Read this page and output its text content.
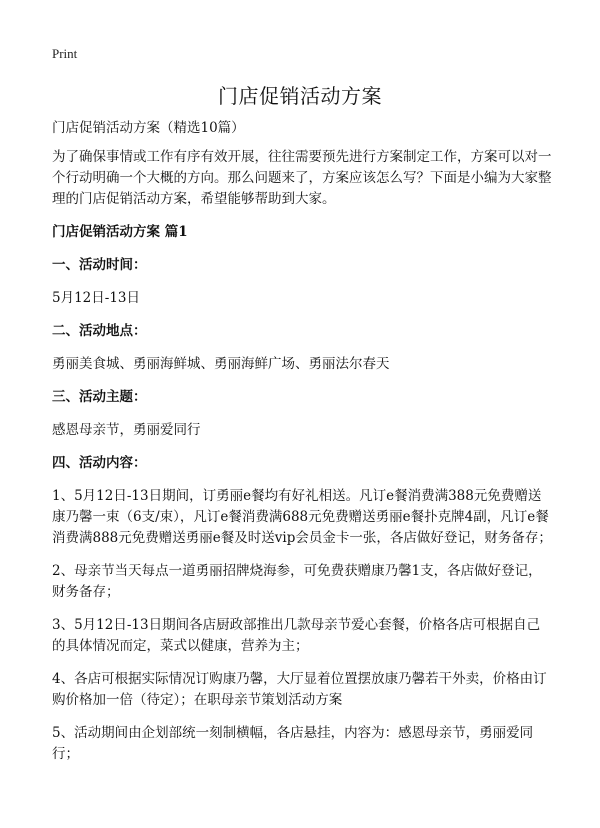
Print
门店促销活动方案

门店促销活动方案（精选10篇）

为了确保事情或工作有序有效开展，往往需要预先进行方案制定工作，方案可以对一个行动明确一个大概的方向。那么问题来了，方案应该怎么写？下面是小编为大家整理的门店促销活动方案，希望能够帮助到大家。

门店促销活动方案 篇1

一、活动时间：

5月12日-13日

二、活动地点：

勇丽美食城、勇丽海鲜城、勇丽海鲜广场、勇丽法尔春天

三、活动主题：

感恩母亲节，勇丽爱同行

四、活动内容：

1、5月12日-13日期间，订勇丽e餐均有好礼相送。凡订e餐消费满388元免费赠送康乃馨一束（6支/束），凡订e餐消费满688元免费赠送勇丽e餐扑克牌4副，凡订e餐消费满888元免费赠送勇丽e餐及时送vip会员金卡一张，各店做好登记，财务备存；

2、母亲节当天每点一道勇丽招牌烧海参，可免费获赠康乃馨1支，各店做好登记，财务备存；

3、5月12日-13日期间各店厨政部推出几款母亲节爱心套餐，价格各店可根据自己的具体情况而定，菜式以健康，营养为主；

4、各店可根据实际情况订购康乃馨，大厅显着位置摆放康乃馨若干外卖，价格由订购价格加一倍（待定）；在职母亲节策划活动方案

5、活动期间由企划部统一刻制横幅，各店悬挂，内容为：感恩母亲节，勇丽爱同行；
